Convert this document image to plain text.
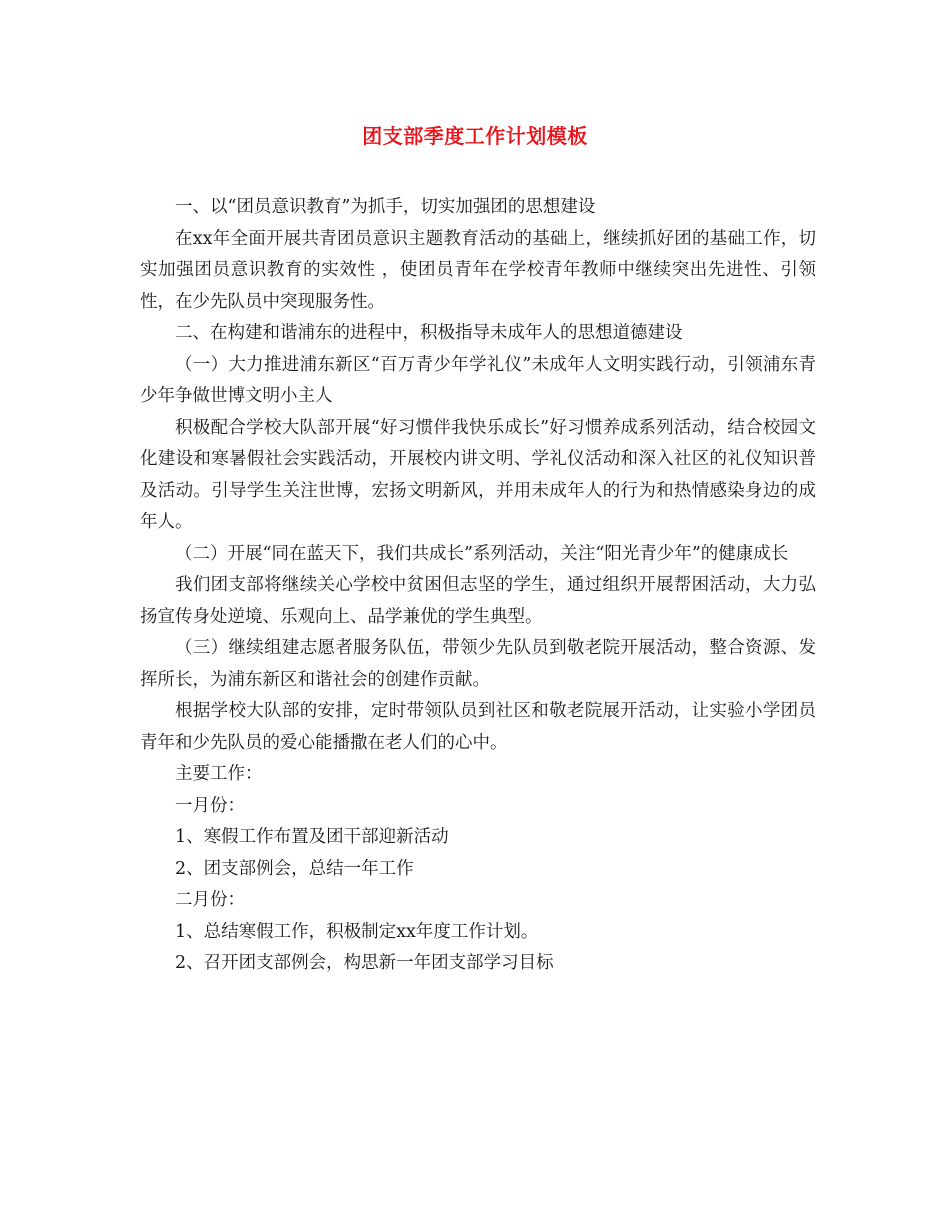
团支部季度工作计划模板

一、以“团员意识教育”为抓手，切实加强团的思想建设

在xx年全面开展共青团员意识主题教育活动的基础上，继续抓好团的基础工作，切实加强团员意识教育的实效性 ，使团员青年在学校青年教师中继续突出先进性、引领性，在少先队员中突现服务性。

二、在构建和谐浦东的进程中，积极指导未成年人的思想道德建设

（一）大力推进浦东新区“百万青少年学礼仪”未成年人文明实践行动，引领浦东青少年争做世博文明小主人

积极配合学校大队部开展“好习惯伴我快乐成长”好习惯养成系列活动，结合校园文化建设和寒暑假社会实践活动，开展校内讲文明、学礼仪活动和深入社区的礼仪知识普及活动。引导学生关注世博，宏扬文明新风，并用未成年人的行为和热情感染身边的成年人。

（二）开展“同在蓝天下，我们共成长”系列活动，关注“阳光青少年”的健康成长

我们团支部将继续关心学校中贫困但志坚的学生，通过组织开展帮困活动，大力弘扬宣传身处逆境、乐观向上、品学兼优的学生典型。

（三）继续组建志愿者服务队伍，带领少先队员到敬老院开展活动，整合资源、发挥所长，为浦东新区和谐社会的创建作贡献。

根据学校大队部的安排，定时带领队员到社区和敬老院展开活动，让实验小学团员青年和少先队员的爱心能播撒在老人们的心中。

主要工作：

一月份：

1、寒假工作布置及团干部迎新活动

2、团支部例会，总结一年工作

二月份：

1、总结寒假工作，积极制定xx年度工作计划。

2、召开团支部例会，构思新一年团支部学习目标
